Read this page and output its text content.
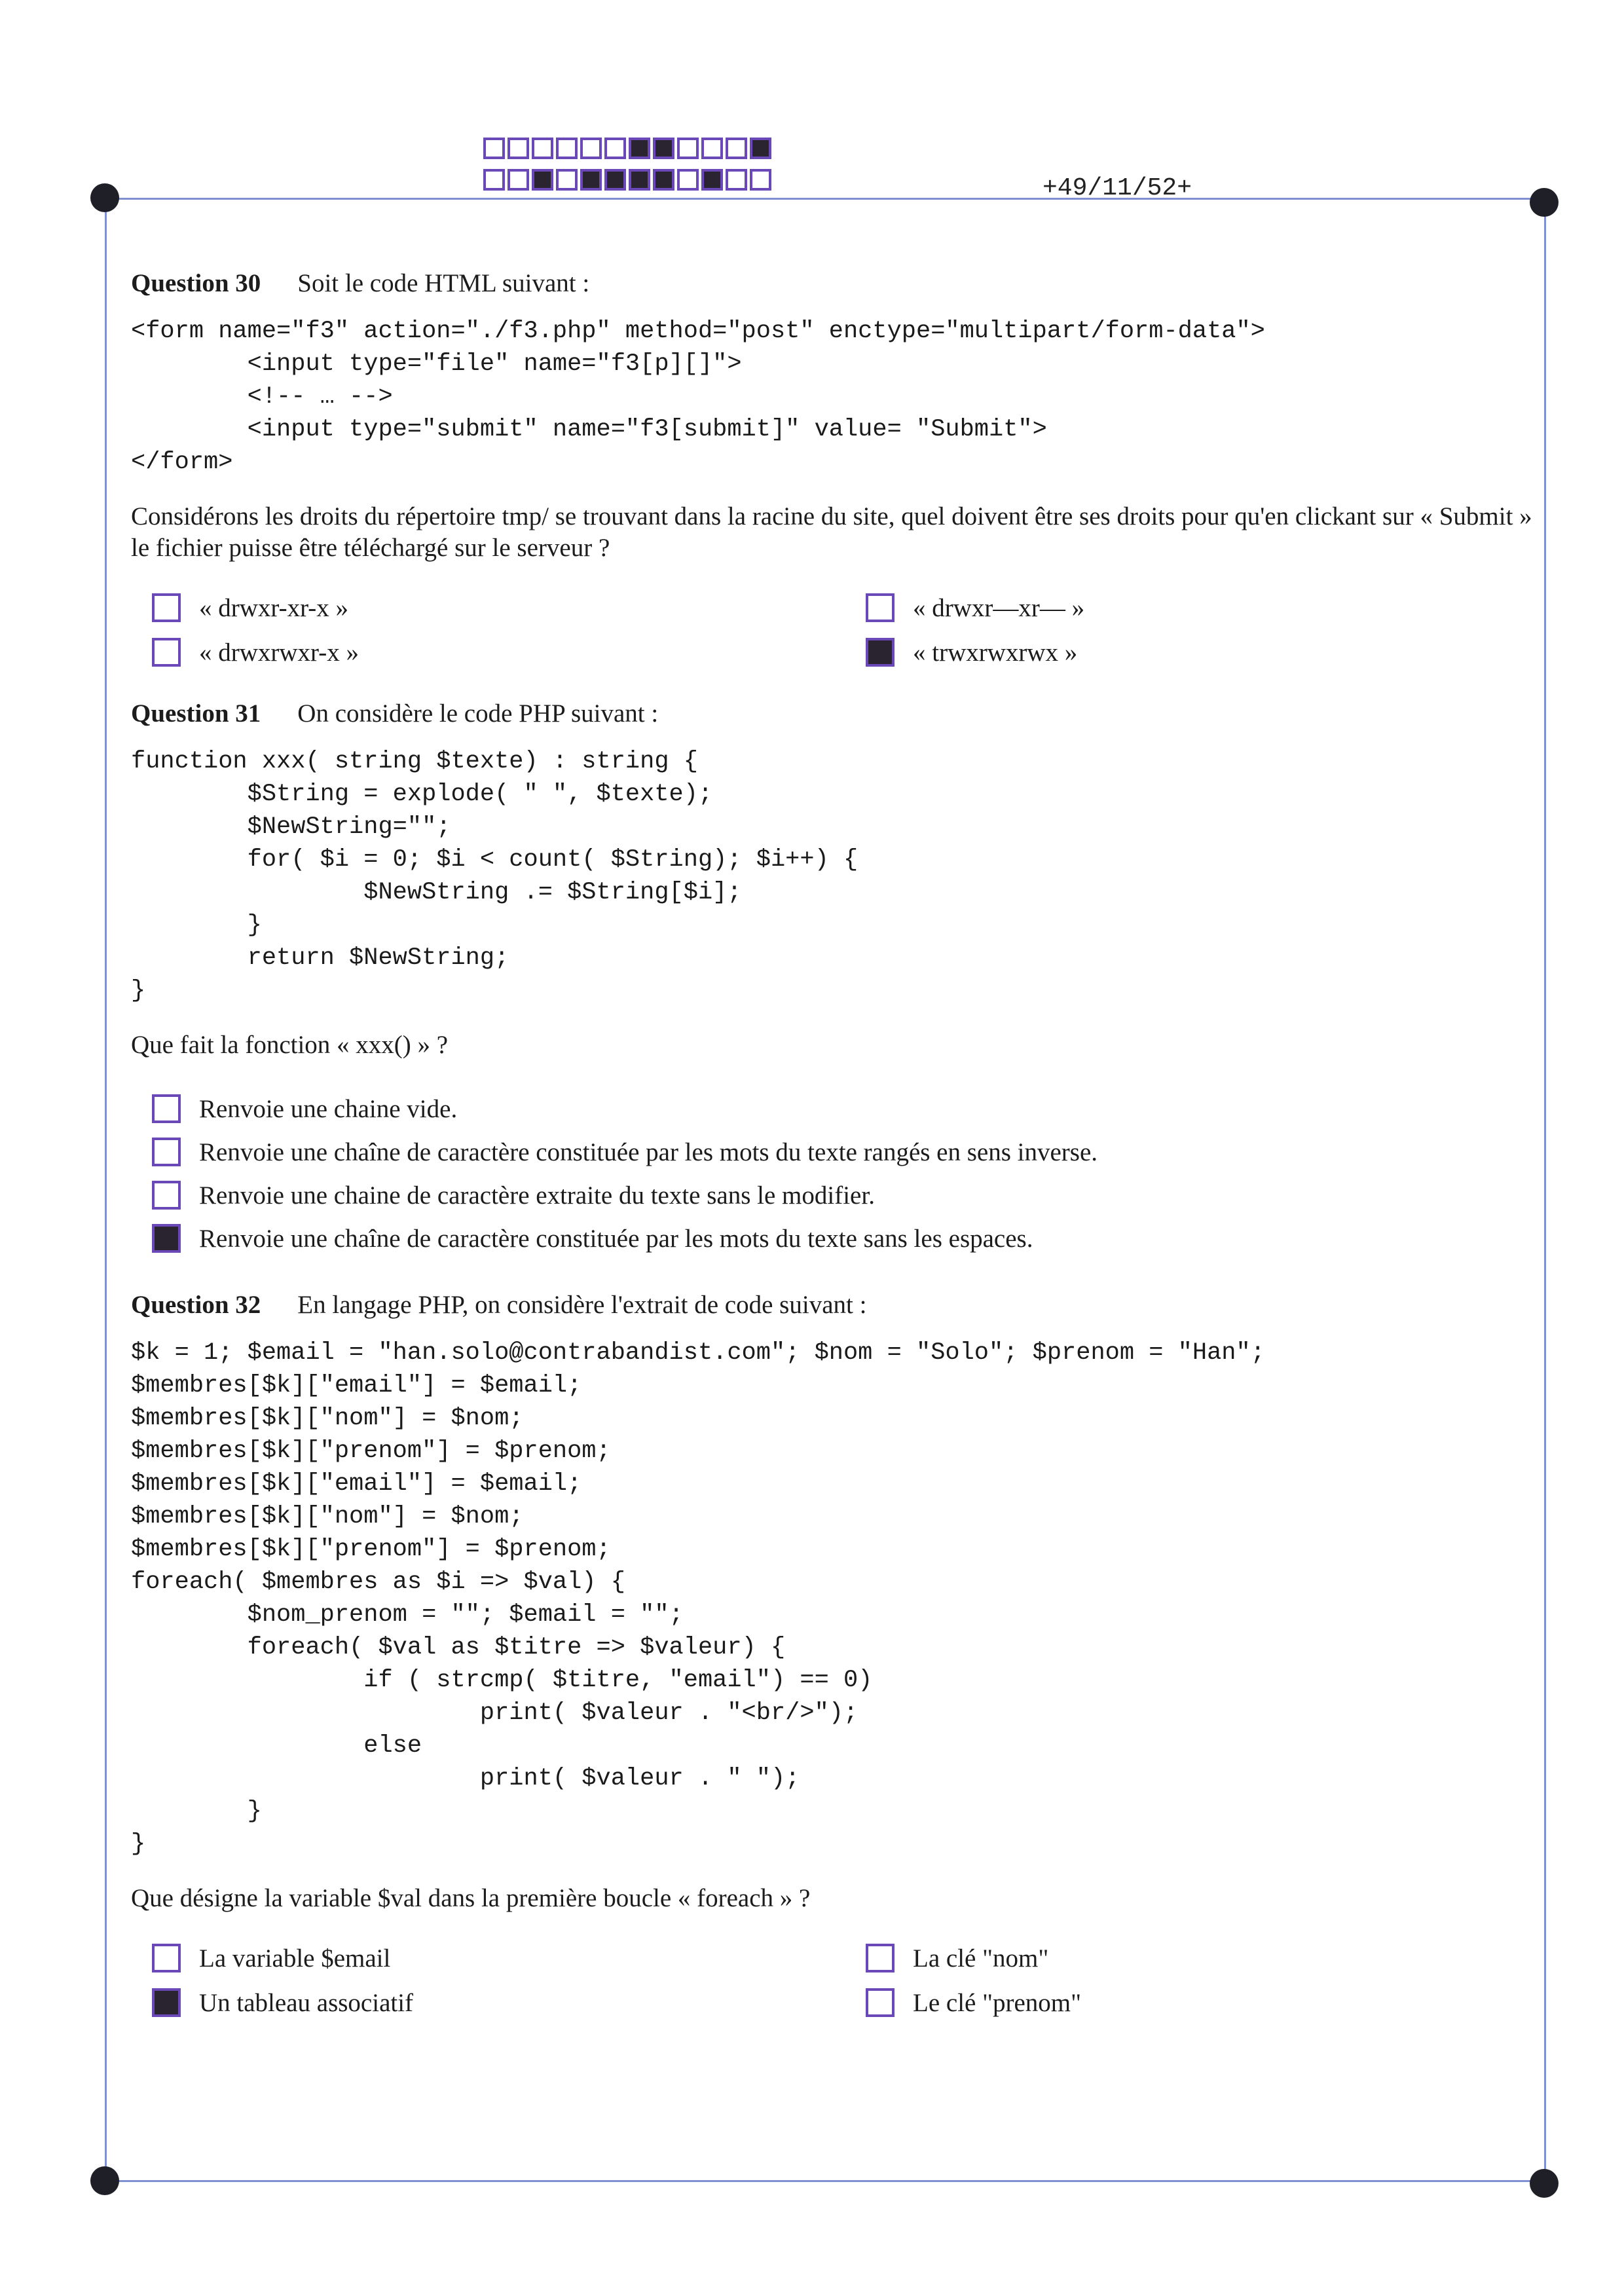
+49/11/52+
Question 30 Soit le code HTML suivant :
<form name="f3" action="./f3.php" method="post" enctype="multipart/form-data">
<input type="file" name="f3[p][]">
<!-- … -->
<input type="submit" name="f3[submit]" value= "Submit">
</form>
Considérons les droits du répertoire tmp/ se trouvant dans la racine du site, quel doivent être ses droits pour qu'en clickant sur « Submit » le fichier puisse être téléchargé sur le serveur ?
« drwxr-xr-x »	« drwxr—xr— »
« drwxrwxr-x »	« trwxrwxrwx »
Question 31 On considère le code PHP suivant :
function xxx( string $texte) : string {
$String = explode( " ", $texte);
$NewString="";
for( $i = 0; $i < count( $String); $i++) {
$NewString .= $String[$i];
}
return $NewString;
}
Que fait la fonction « xxx() » ?
Renvoie une chaine vide.
Renvoie une chaîne de caractère constituée par les mots du texte rangés en sens inverse.
Renvoie une chaine de caractère extraite du texte sans le modifier.
Renvoie une chaîne de caractère constituée par les mots du texte sans les espaces.
Question 32 En langage PHP, on considère l'extrait de code suivant :
$k = 1; $email = "han.solo@contrabandist.com"; $nom = "Solo"; $prenom = "Han";
$membres[$k]["email"] = $email;
$membres[$k]["nom"] = $nom;
$membres[$k]["prenom"] = $prenom;
$membres[$k]["email"] = $email;
$membres[$k]["nom"] = $nom;
$membres[$k]["prenom"] = $prenom;
foreach( $membres as $i => $val) {
$nom_prenom = ""; $email = "";
foreach( $val as $titre => $valeur) {
if ( strcmp( $titre, "email") == 0)
print( $valeur . "<br/>");
else
print( $valeur . " ");
}
}
Que désigne la variable $val dans la première boucle « foreach » ?
La variable $email	La clé "nom"
Un tableau associatif	Le clé "prenom"
